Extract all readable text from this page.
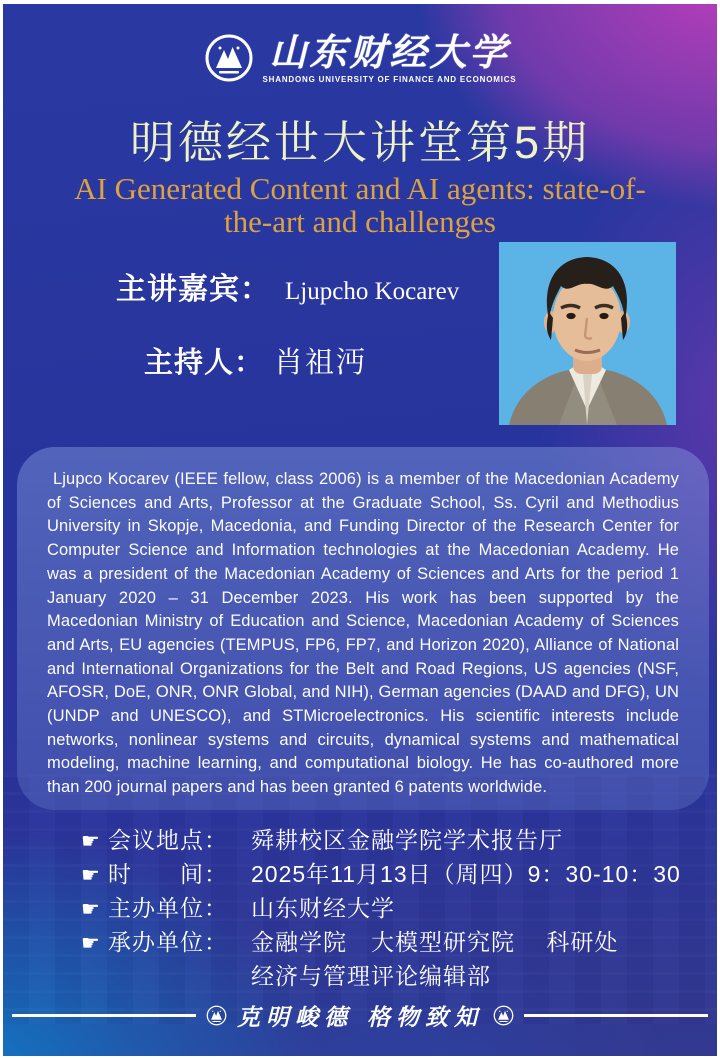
山东财经大学
SHANDONG UNIVERSITY OF FINANCE AND ECONOMICS
明德经世大讲堂第5期
AI Generated Content and AI agents: state-of-
the-art and challenges
主讲嘉宾： Ljupcho Kocarev
主持人： 肖祖沔
Ljupco Kocarev (IEEE fellow, class 2006) is a member of the Macedonian Academy of Sciences and Arts, Professor at the Graduate School, Ss. Cyril and Methodius University in Skopje, Macedonia, and Funding Director of the Research Center for Computer Science and Information technologies at the Macedonian Academy. He was a president of the Macedonian Academy of Sciences and Arts for the period 1 January 2020 – 31 December 2023. His work has been supported by the Macedonian Ministry of Education and Science, Macedonian Academy of Sciences and Arts, EU agencies (TEMPUS, FP6, FP7, and Horizon 2020), Alliance of National and International Organizations for the Belt and Road Regions, US agencies (NSF, AFOSR, DoE, ONR, ONR Global, and NIH), German agencies (DAAD and DFG), UN (UNDP and UNESCO), and STMicroelectronics. His scientific interests include networks, nonlinear systems and circuits, dynamical systems and mathematical modeling, machine learning, and computational biology. He has co-authored more than 200 journal papers and has been granted 6 patents worldwide.
☛ 会议地点：	舜耕校区金融学院学术报告厅
☛ 时　　间：	2025年11月13日（周四）9：30-10：30
☛ 主办单位：	山东财经大学
☛ 承办单位：	金融学院　大模型研究院　 科研处
经济与管理评论编辑部
克明峻德 格物致知
